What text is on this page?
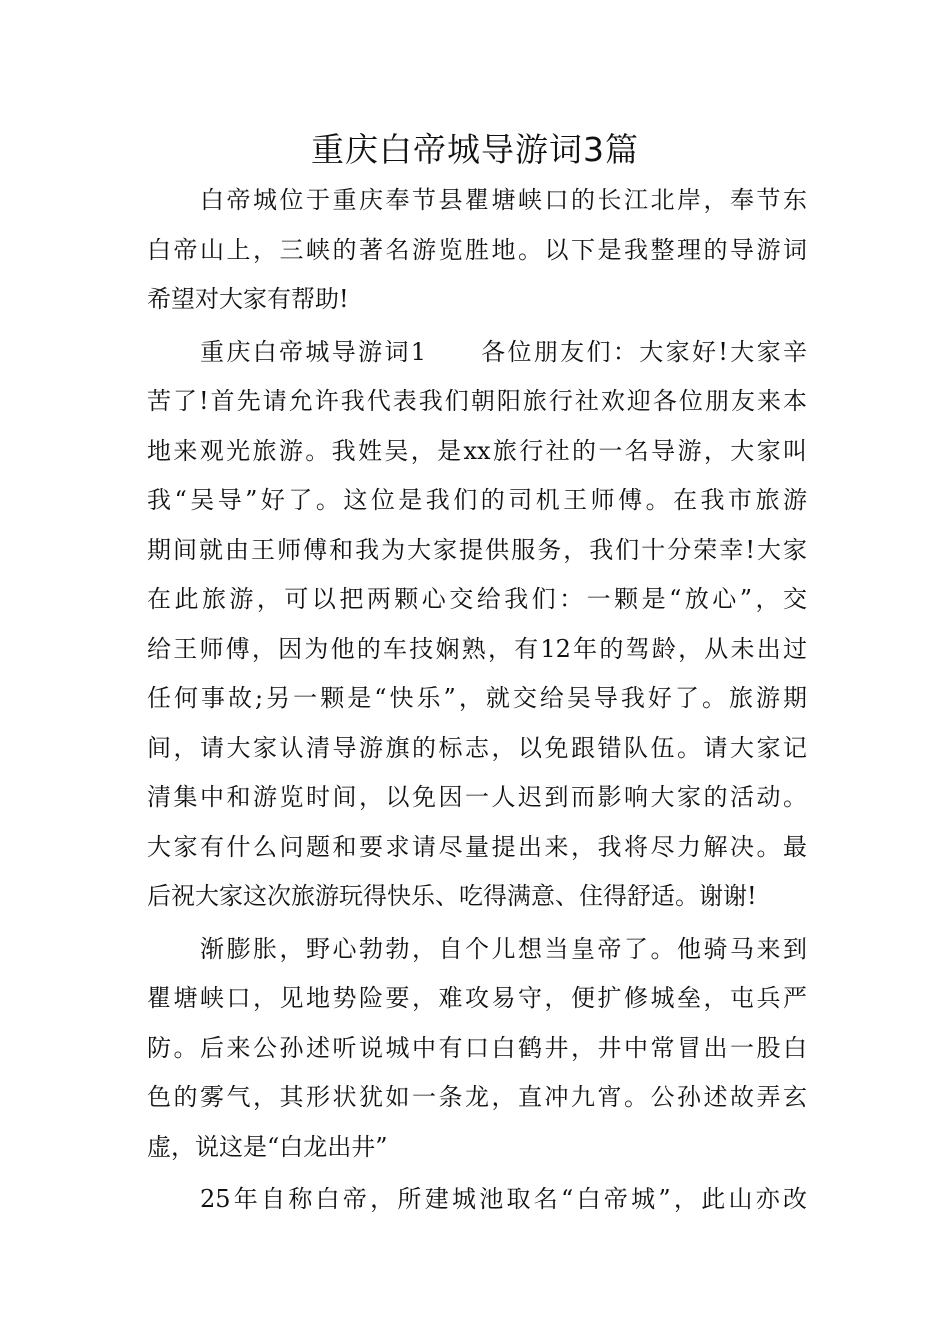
重庆白帝城导游词3篇
白帝城位于重庆奉节县瞿塘峡口的长江北岸，奉节东
白帝山上，三峡的著名游览胜地。以下是我整理的导游词
希望对大家有帮助!
重庆白帝城导游词1　　各位朋友们：大家好!大家辛
苦了!首先请允许我代表我们朝阳旅行社欢迎各位朋友来本
地来观光旅游。我姓吴，是xx旅行社的一名导游，大家叫
我“吴导”好了。这位是我们的司机王师傅。在我市旅游
期间就由王师傅和我为大家提供服务，我们十分荣幸!大家
在此旅游，可以把两颗心交给我们：一颗是“放心”，交
给王师傅，因为他的车技娴熟，有12年的驾龄，从未出过
任何事故;另一颗是“快乐”，就交给吴导我好了。旅游期
间，请大家认清导游旗的标志，以免跟错队伍。请大家记
清集中和游览时间，以免因一人迟到而影响大家的活动。
大家有什么问题和要求请尽量提出来，我将尽力解决。最
后祝大家这次旅游玩得快乐、吃得满意、住得舒适。谢谢!
渐膨胀，野心勃勃，自个儿想当皇帝了。他骑马来到
瞿塘峡口，见地势险要，难攻易守，便扩修城垒，屯兵严
防。后来公孙述听说城中有口白鹤井，井中常冒出一股白
色的雾气，其形状犹如一条龙，直冲九宵。公孙述故弄玄
虚，说这是“白龙出井”
25年自称白帝，所建城池取名“白帝城”，此山亦改
